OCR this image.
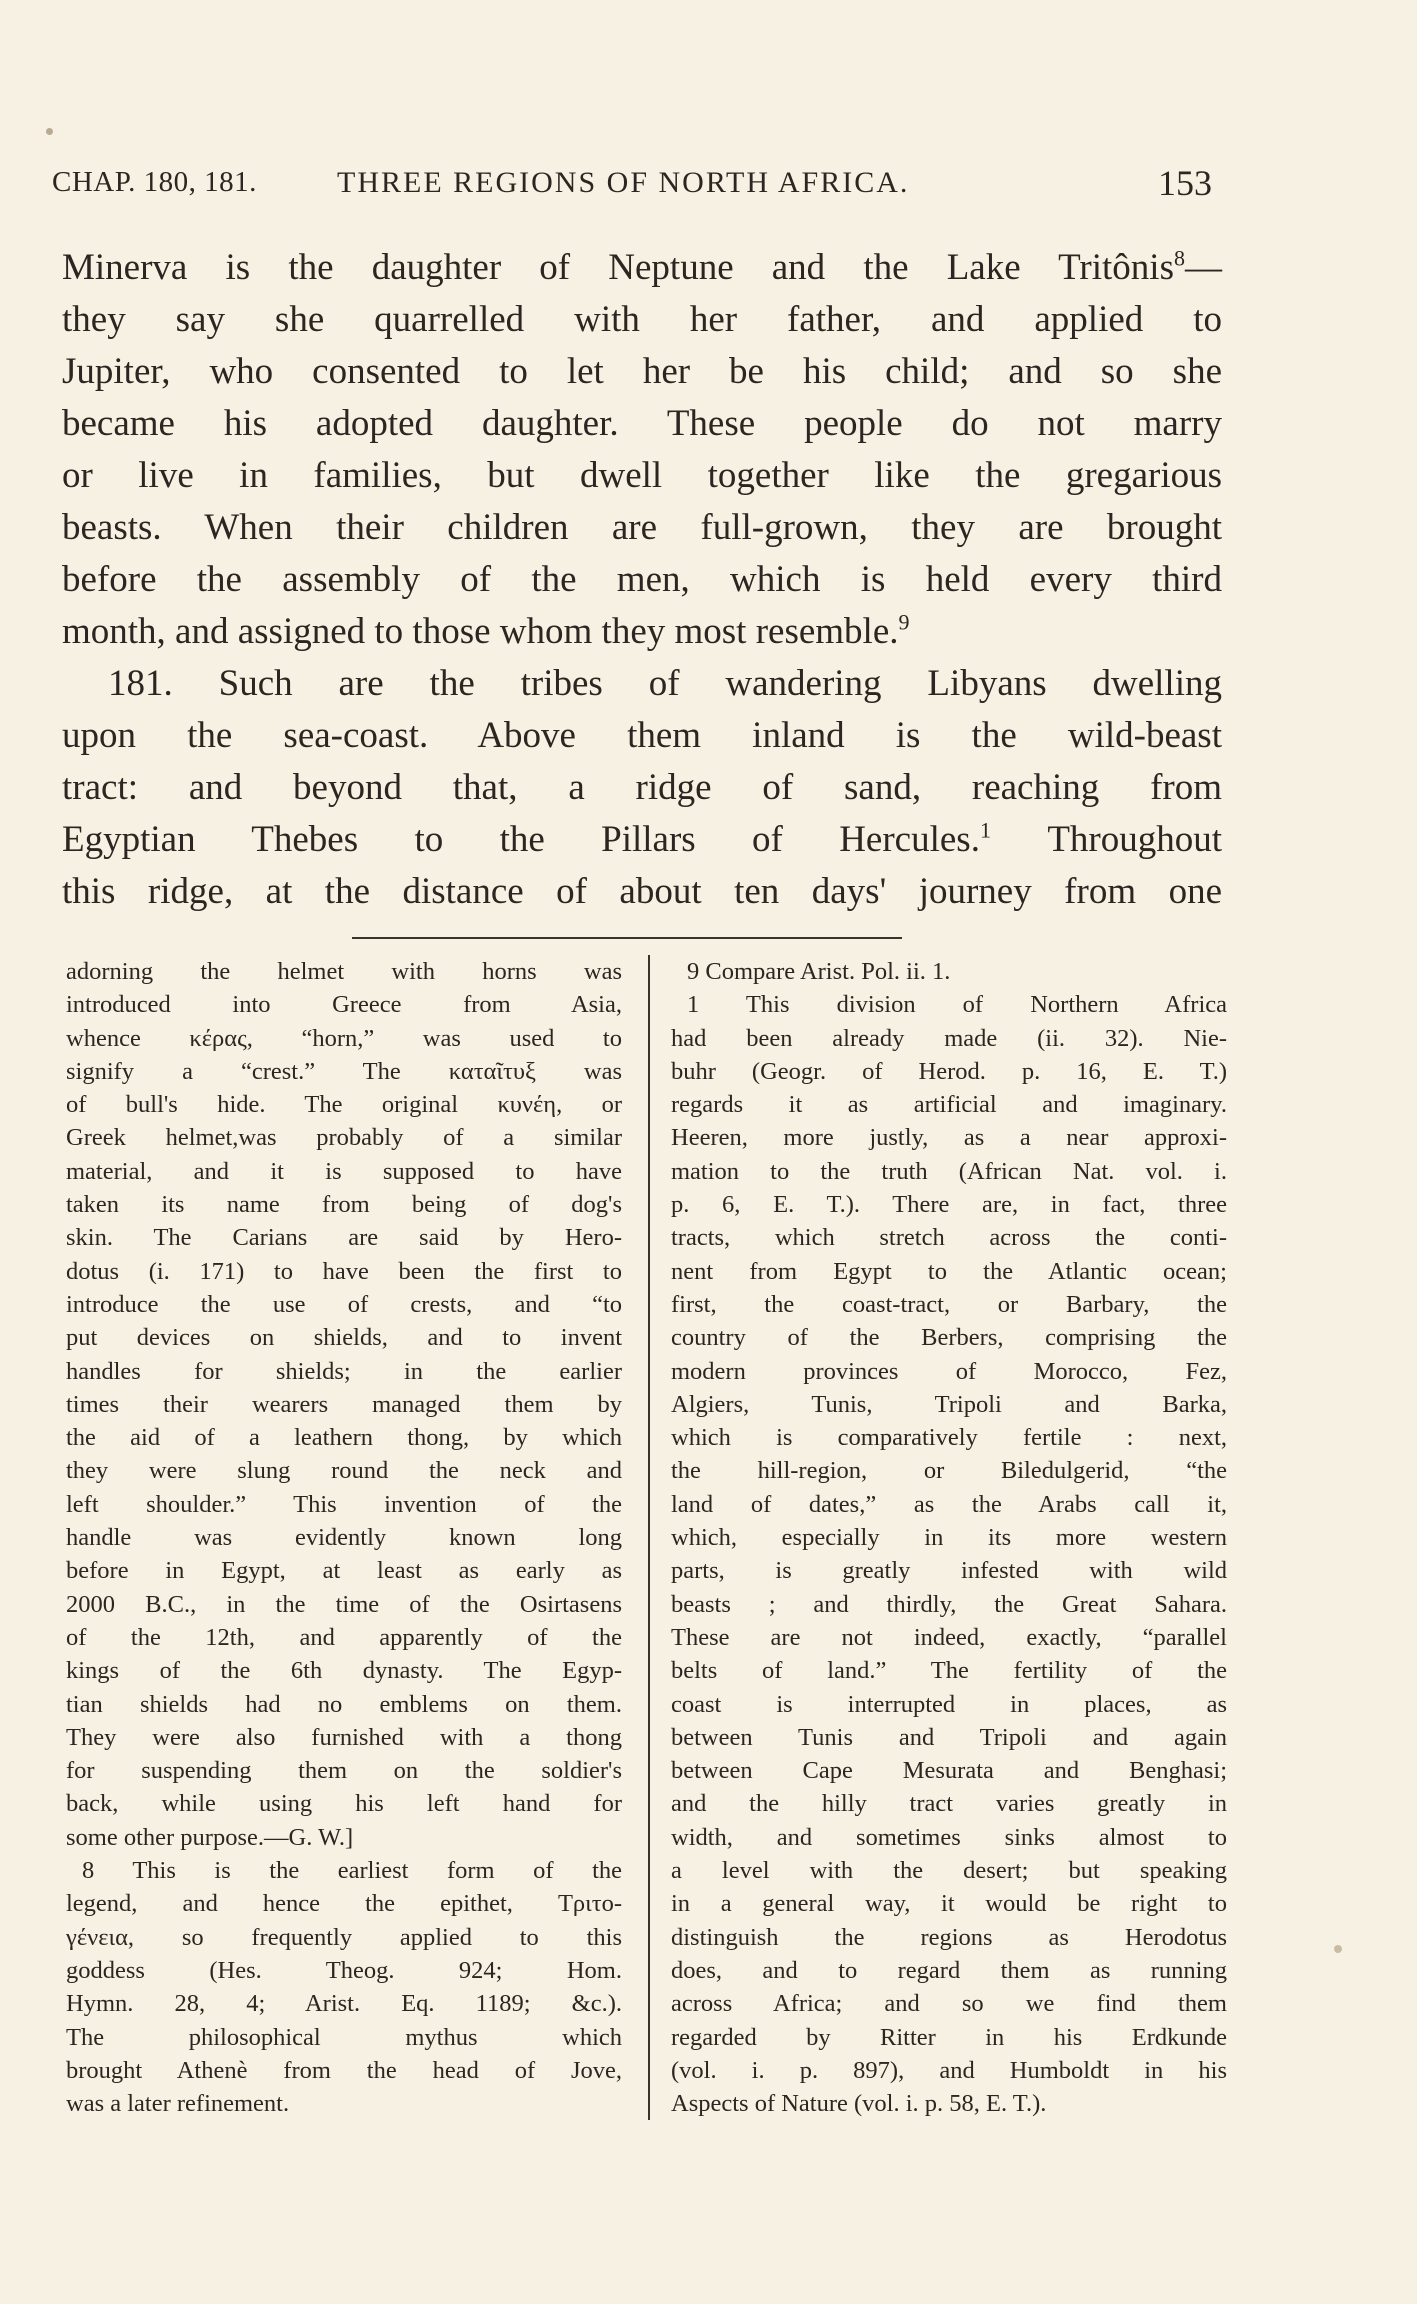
CHAP. 180, 181.	THREE REGIONS OF NORTH AFRICA.	153

Minerva is the daughter of Neptune and the Lake Tritônis$^8$—
they say she quarrelled with her father, and applied to
Jupiter, who consented to let her be his child; and so she
became his adopted daughter. These people do not marry
or live in families, but dwell together like the gregarious
beasts. When their children are full-grown, they are brought
before the assembly of the men, which is held every third
month, and assigned to those whom they most resemble.$^9$
181. Such are the tribes of wandering Libyans dwelling
upon the sea-coast. Above them inland is the wild-beast
tract: and beyond that, a ridge of sand, reaching from
Egyptian Thebes to the Pillars of Hercules.$^1$ Throughout
this ridge, at the distance of about ten days' journey from one

adorning the helmet with horns was
introduced into Greece from Asia,
whence κέρας, “horn,” was used to
signify a “crest.” The καταῖτυξ was
of bull's hide. The original κυνέη, or
Greek helmet,was probably of a similar
material, and it is supposed to have
taken its name from being of dog's
skin. The Carians are said by Hero-
dotus (i. 171) to have been the first to
introduce the use of crests, and “to
put devices on shields, and to invent
handles for shields; in the earlier
times their wearers managed them by
the aid of a leathern thong, by which
they were slung round the neck and
left shoulder.” This invention of the
handle was evidently known long
before in Egypt, at least as early as
2000 B.C., in the time of the Osirtasens
of the 12th, and apparently of the
kings of the 6th dynasty. The Egyp-
tian shields had no emblems on them.
They were also furnished with a thong
for suspending them on the soldier's
back, while using his left hand for
some other purpose.—G. W.]
8 This is the earliest form of the
legend, and hence the epithet, Τριτο-
γένεια, so frequently applied to this
goddess (Hes. Theog. 924; Hom.
Hymn. 28, 4; Arist. Eq. 1189; &c.).
The philosophical mythus which
brought Athenè from the head of Jove,
was a later refinement.
9 Compare Arist. Pol. ii. 1.
1 This division of Northern Africa
had been already made (ii. 32). Nie-
buhr (Geogr. of Herod. p. 16, E. T.)
regards it as artificial and imaginary.
Heeren, more justly, as a near approxi-
mation to the truth (African Nat. vol. i.
p. 6, E. T.). There are, in fact, three
tracts, which stretch across the conti-
nent from Egypt to the Atlantic ocean;
first, the coast-tract, or Barbary, the
country of the Berbers, comprising the
modern provinces of Morocco, Fez,
Algiers, Tunis, Tripoli and Barka,
which is comparatively fertile : next,
the hill-region, or Biledulgerid, “the
land of dates,” as the Arabs call it,
which, especially in its more western
parts, is greatly infested with wild
beasts ; and thirdly, the Great Sahara.
These are not indeed, exactly, “parallel
belts of land.” The fertility of the
coast is interrupted in places, as
between Tunis and Tripoli and again
between Cape Mesurata and Benghasi;
and the hilly tract varies greatly in
width, and sometimes sinks almost to
a level with the desert; but speaking
in a general way, it would be right to
distinguish the regions as Herodotus
does, and to regard them as running
across Africa; and so we find them
regarded by Ritter in his Erdkunde
(vol. i. p. 897), and Humboldt in his
Aspects of Nature (vol. i. p. 58, E. T.).
